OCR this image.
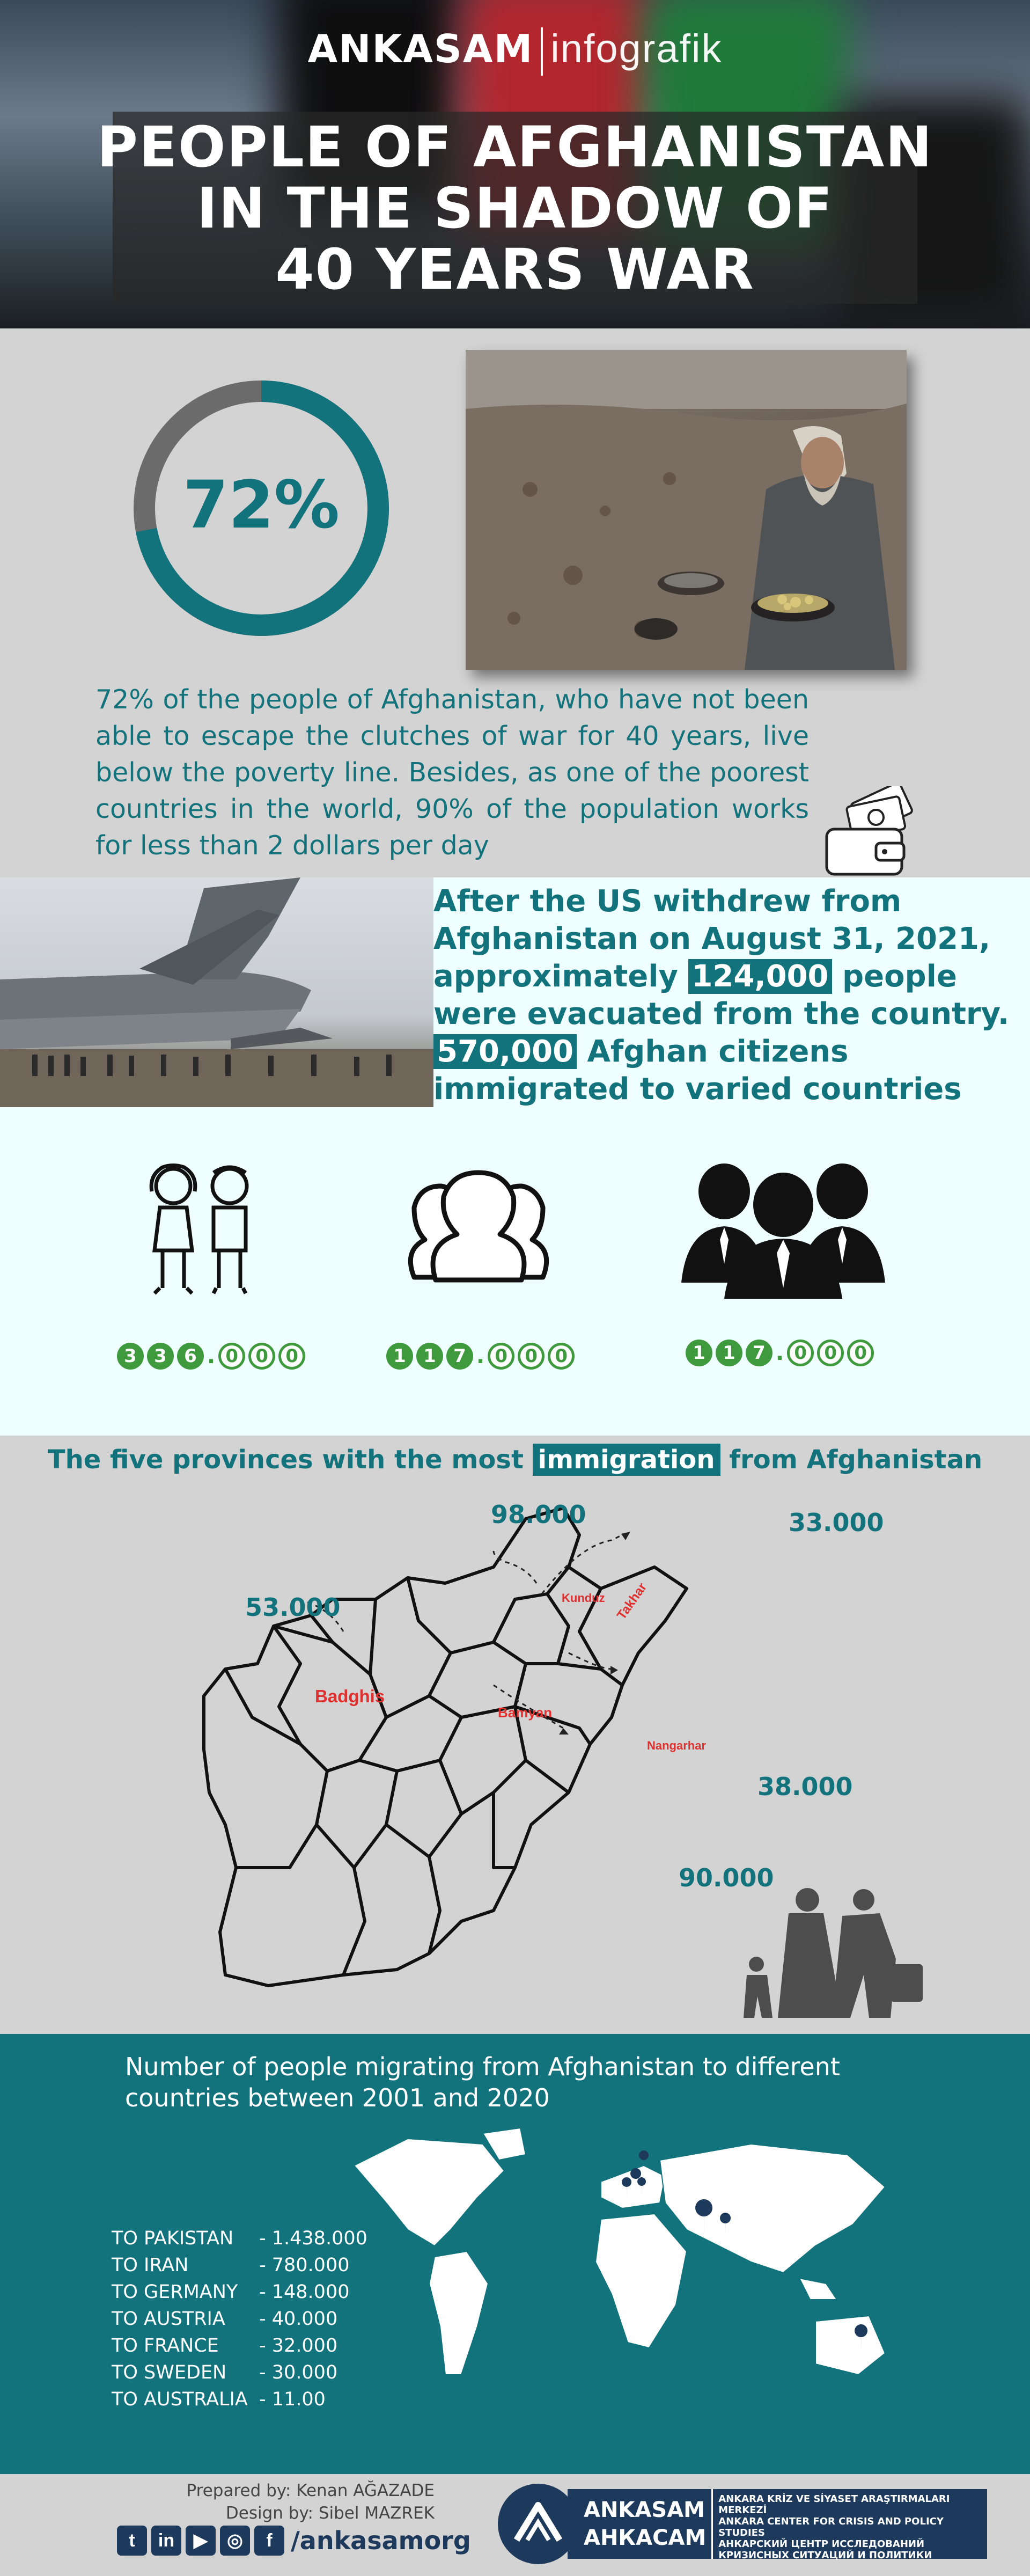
ANKASAM infografik
PEOPLE OF AFGHANISTAN
IN THE SHADOW OF
40 YEARS WAR
72%
72% of the people of Afghanistan, who have not been able to escape the clutches of war for 40 years, live below the poverty line. Besides, as one of the poorest countries in the world, 90% of the population works for less than 2 dollars per day
After the US withdrew from Afghanistan on August 31, 2021, approximately 124,000 people were evacuated from the country. 570,000 Afghan citizens immigrated to varied countries
3 3 6 . 0 0 0	1 1 7 . 0 0 0	1 1 7 . 0 0 0
The five provinces with the most immigration from Afghanistan
Kunduz Takhar
Badghis
Bamyan
Nangarhar
98.000	33.000
53.000
38.000
90.000
Number of people migrating from Afghanistan to different countries between 2001 and 2020
TO PAKISTAN	- 1.438.000
TO IRAN	- 780.000
TO GERMANY	- 148.000
TO AUSTRIA	- 40.000
TO FRANCE	- 32.000
TO SWEDEN	- 30.000
TO AUSTRALIA - 11.00
Prepared by: Kenan AĞAZADE
Design by: Sibel MAZREK
t	in	▶	◎	f /ankasamorg
ANKASAM
АНКАСАМ
ANKARA KRİZ VE SİYASET ARAŞTIRMALARI MERKEZİ
ANKARA CENTER FOR CRISIS AND POLICY STUDIES
АНКАРСКИЙ ЦЕНТР ИССЛЕДОВАНИЙ КРИЗИСНЫХ СИТУАЦИЙ И ПОЛИТИКИ
